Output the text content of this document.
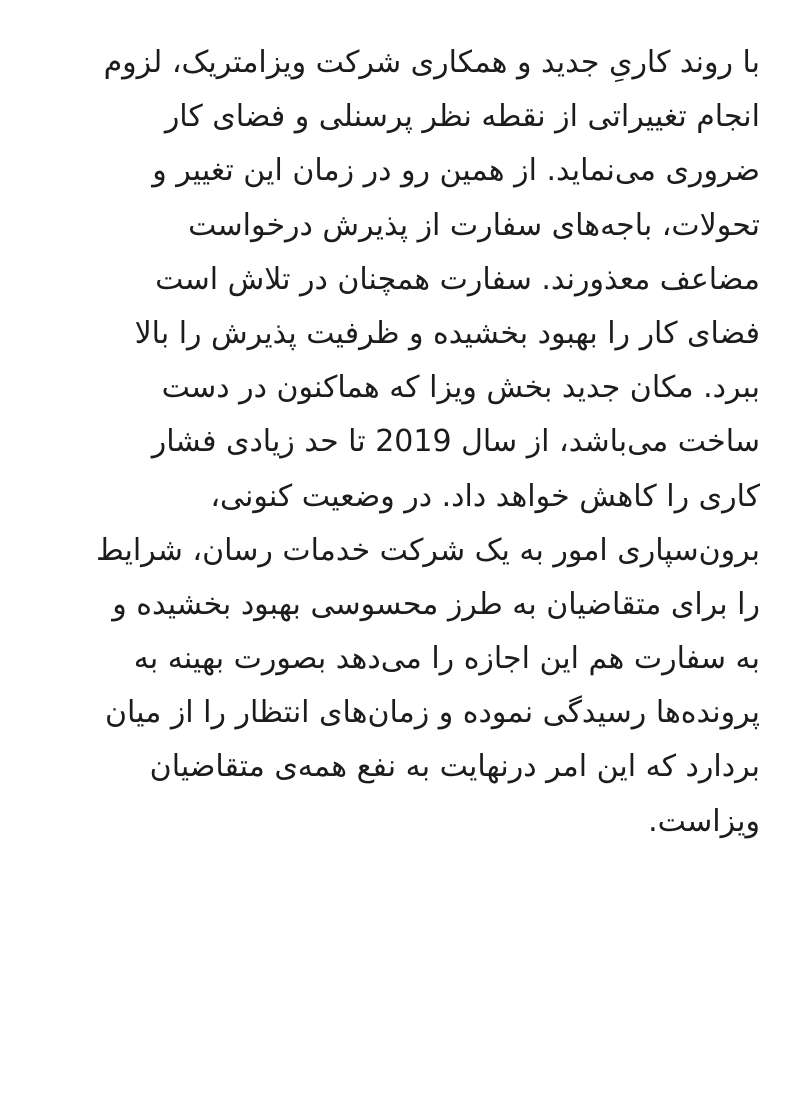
با روند کاریِ جدید و همکاری شرکت ویزامتریک، لزوم
انجام تغییراتی از نقطه نظر پرسنلی و فضای کار
ضروری می‌نماید. از همین رو در زمان این تغییر و
تحولات، باجه‌های سفارت از پذیرش درخواست
مضاعف معذورند. سفارت همچنان در تلاش است
فضای کار را بهبود بخشیده و ظرفیت پذیرش را بالا
ببرد. مکان جدید بخش ویزا که هماکنون در دست
ساخت می‌باشد، از سال 2019 تا حد زیادی فشار
کاری را کاهش خواهد داد. در وضعیت کنونی،
برون‌سپاری امور به یک شرکت خدمات رسان، شرایط
را برای متقاضیان به طرز محسوسی بهبود بخشیده و
به سفارت هم این اجازه را می‌دهد بصورت بهینه به
پرونده‌ها رسیدگی نموده و زمان‌های انتظار را از میان
بردارد که این امر درنهایت به نفع همه‌ی متقاضیان
ویزاست.
